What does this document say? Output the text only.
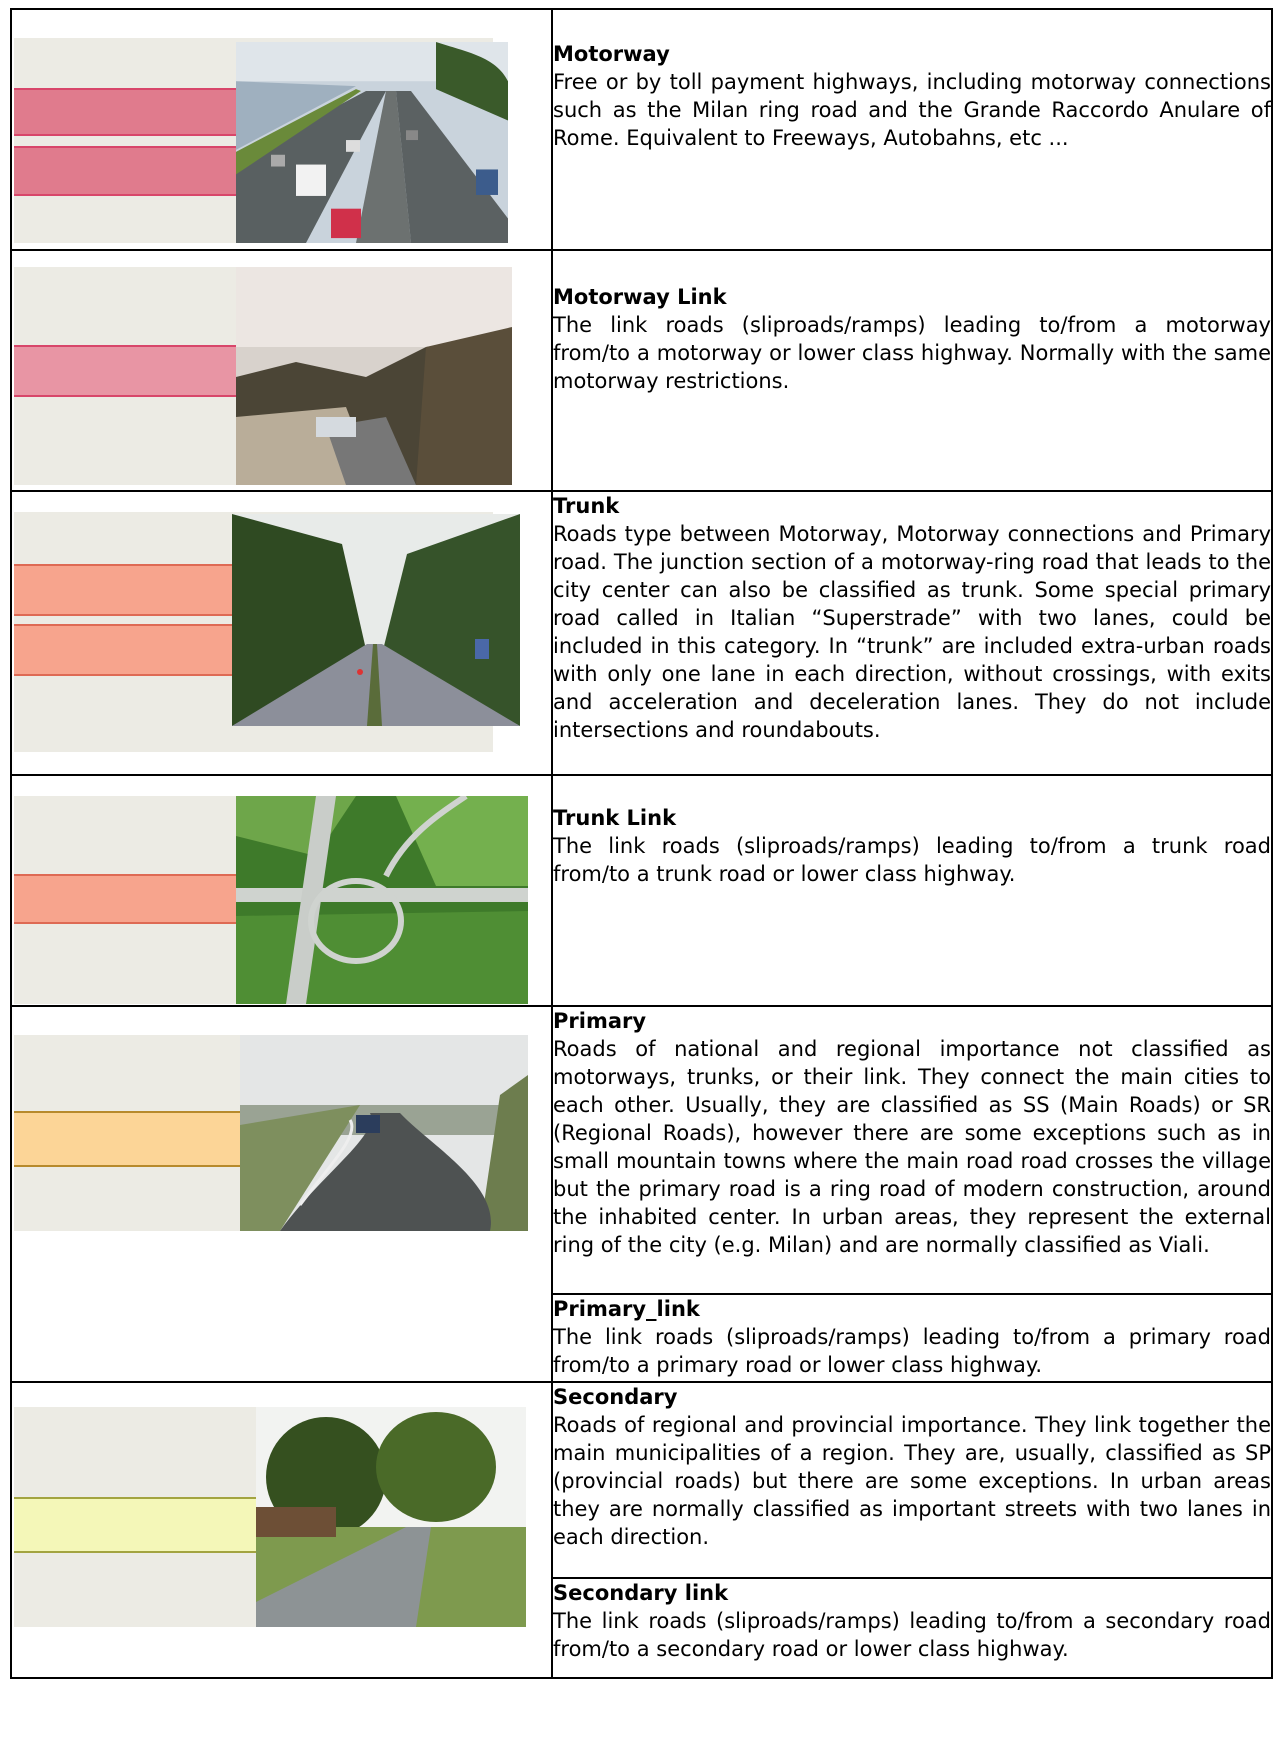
Motorway
Free or by toll payment highways, including motorway connections such as the Milan ring road and the Grande Raccordo Anulare of Rome. Equivalent to Freeways, Autobahns, etc ...

Motorway Link
The link roads (sliproads/ramps) leading to/from a motorway from/to a motorway or lower class highway. Normally with the same motorway restrictions.

Trunk
Roads type between Motorway, Motorway connections and Primary road. The junction section of a motorway-ring road that leads to the city center can also be classified as trunk. Some special primary road called in Italian “Superstrade” with two lanes, could be included in this category. In “trunk” are included extra-urban roads with only one lane in each direction, without crossings, with exits and acceleration and deceleration lanes. They do not include intersections and roundabouts.

Trunk Link
The link roads (sliproads/ramps) leading to/from a trunk road from/to a trunk road or lower class highway.

Primary
Roads of national and regional importance not classified as motorways, trunks, or their link. They connect the main cities to each other. Usually, they are classified as SS (Main Roads) or SR (Regional Roads), however there are some exceptions such as in small mountain towns where the main road road crosses the village but the primary road is a ring road of modern construction, around the inhabited center. In urban areas, they represent the external ring of the city (e.g. Milan) and are normally classified as Viali.

	Primary_link
The link roads (sliproads/ramps) leading to/from a primary road from/to a primary road or lower class highway.

Secondary
Roads of regional and provincial importance. They link together the main municipalities of a region. They are, usually, classified as SP (provincial roads) but there are some exceptions. In urban areas they are normally classified as important streets with two lanes in each direction.

	Secondary link
The link roads (sliproads/ramps) leading to/from a secondary road from/to a secondary road or lower class highway.
